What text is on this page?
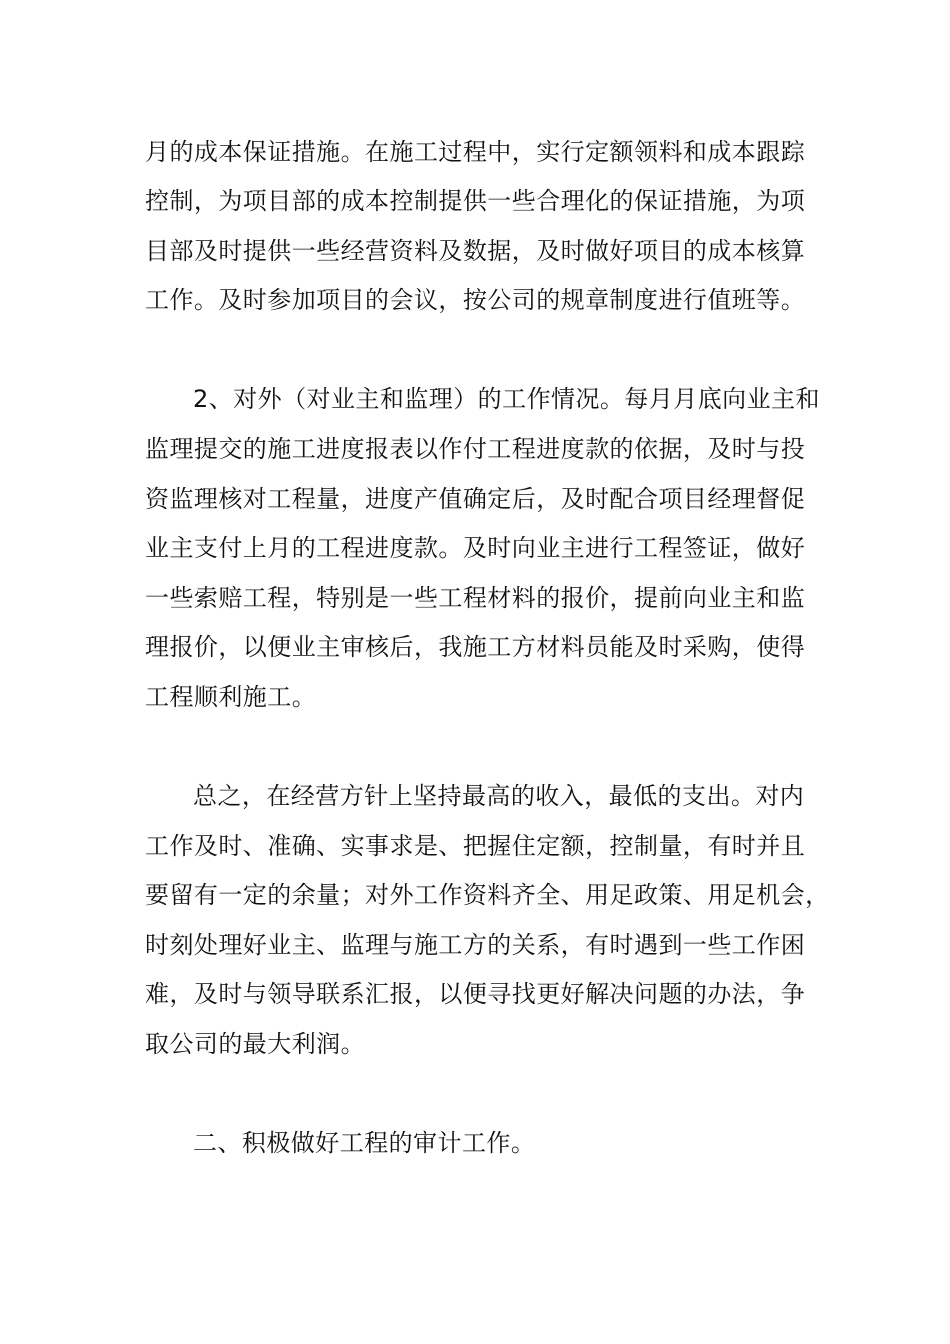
月的成本保证措施。在施工过程中，实行定额领料和成本跟踪
控制，为项目部的成本控制提供一些合理化的保证措施，为项
目部及时提供一些经营资料及数据，及时做好项目的成本核算
工作。及时参加项目的会议，按公司的规章制度进行值班等。
2、对外（对业主和监理）的工作情况。每月月底向业主和
监理提交的施工进度报表以作付工程进度款的依据，及时与投
资监理核对工程量，进度产值确定后，及时配合项目经理督促
业主支付上月的工程进度款。及时向业主进行工程签证，做好
一些索赔工程，特别是一些工程材料的报价，提前向业主和监
理报价，以便业主审核后，我施工方材料员能及时采购，使得
工程顺利施工。
总之，在经营方针上坚持最高的收入，最低的支出。对内
工作及时、准确、实事求是、把握住定额，控制量，有时并且
要留有一定的余量；对外工作资料齐全、用足政策、用足机会，
时刻处理好业主、监理与施工方的关系，有时遇到一些工作困
难，及时与领导联系汇报，以便寻找更好解决问题的办法，争
取公司的最大利润。
二、积极做好工程的审计工作。
